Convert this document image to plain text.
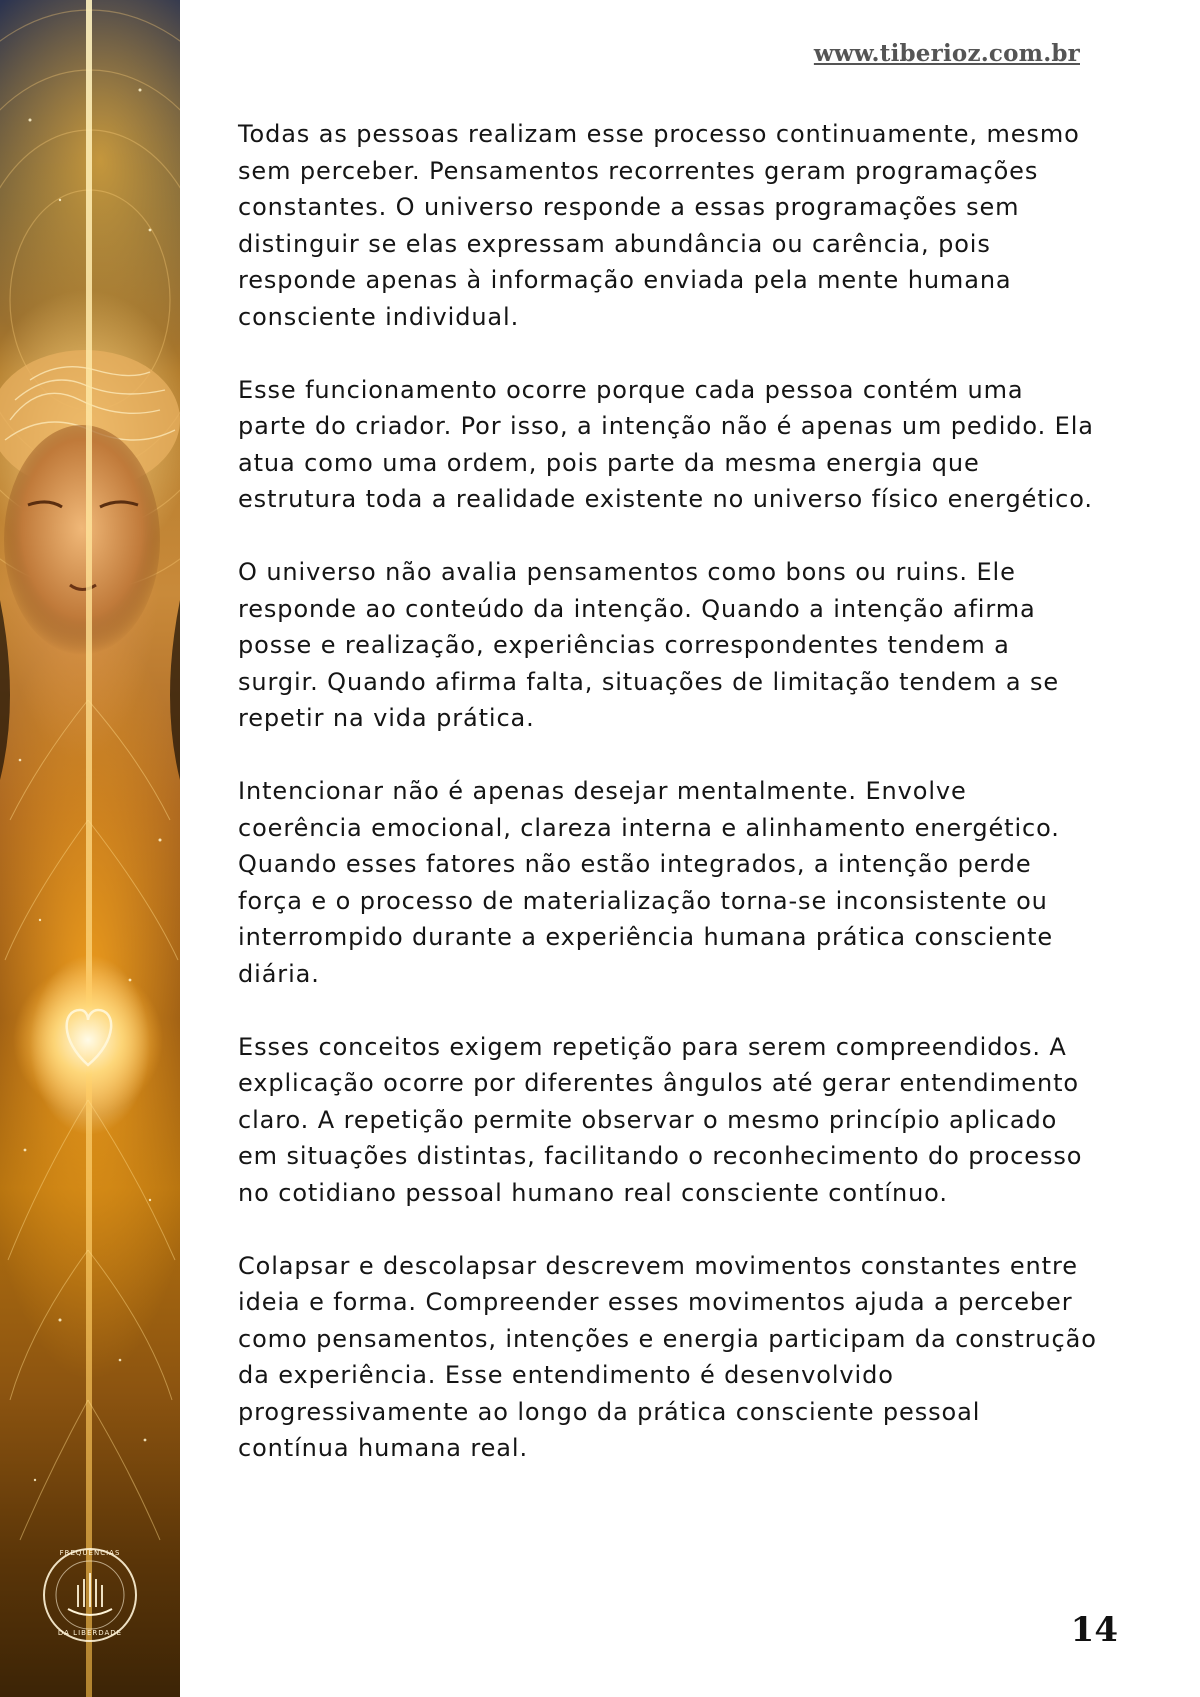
FREQUÊNCIAS
DA LIBERDADE
www.tiberioz.com.br

Todas as pessoas realizam esse processo continuamente, mesmo sem perceber. Pensamentos recorrentes geram programações constantes. O universo responde a essas programações sem distinguir se elas expressam abundância ou carência, pois responde apenas à informação enviada pela mente humana consciente individual.

Esse funcionamento ocorre porque cada pessoa contém uma parte do criador. Por isso, a intenção não é apenas um pedido. Ela atua como uma ordem, pois parte da mesma energia que estrutura toda a realidade existente no universo físico energético.

O universo não avalia pensamentos como bons ou ruins. Ele responde ao conteúdo da intenção. Quando a intenção afirma posse e realização, experiências correspondentes tendem a surgir. Quando afirma falta, situações de limitação tendem a se repetir na vida prática.

Intencionar não é apenas desejar mentalmente. Envolve coerência emocional, clareza interna e alinhamento energético. Quando esses fatores não estão integrados, a intenção perde força e o processo de materialização torna-se inconsistente ou interrompido durante a experiência humana prática consciente diária.

Esses conceitos exigem repetição para serem compreendidos. A explicação ocorre por diferentes ângulos até gerar entendimento claro. A repetição permite observar o mesmo princípio aplicado em situações distintas, facilitando o reconhecimento do processo no cotidiano pessoal humano real consciente contínuo.

Colapsar e descolapsar descrevem movimentos constantes entre ideia e forma. Compreender esses movimentos ajuda a perceber como pensamentos, intenções e energia participam da construção da experiência. Esse entendimento é desenvolvido progressivamente ao longo da prática consciente pessoal contínua humana real.

14
